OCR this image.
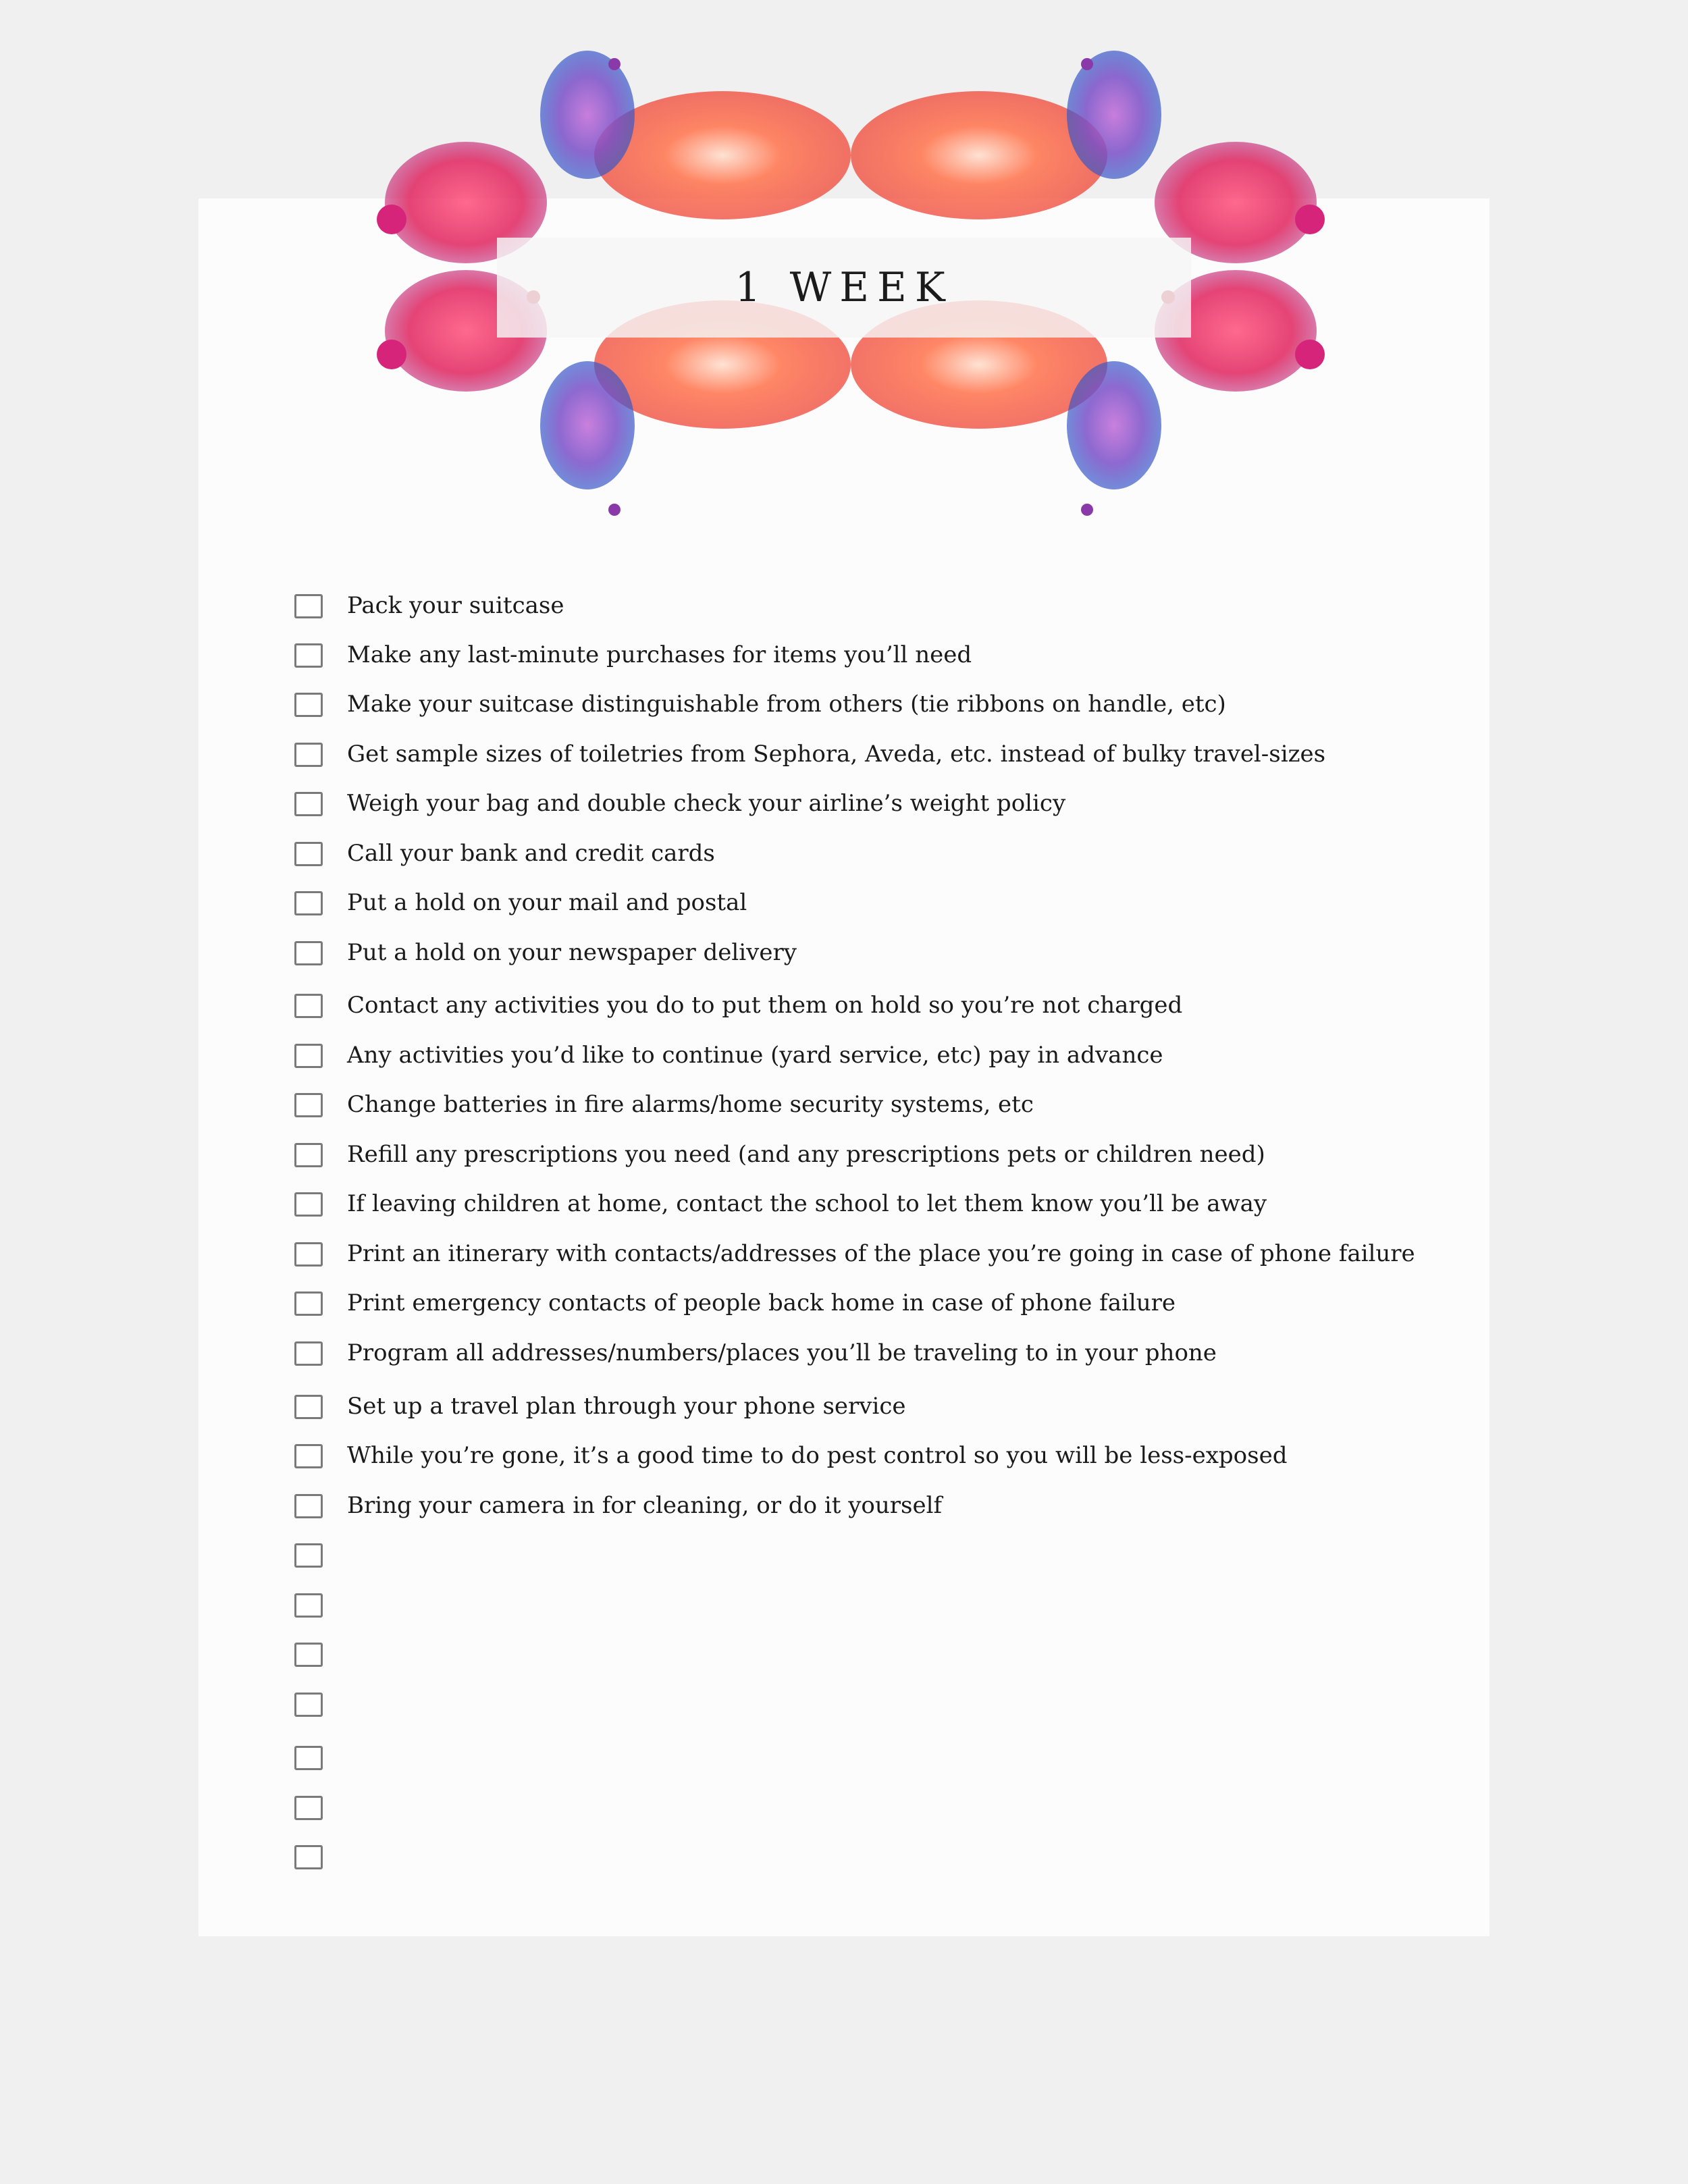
1 WEEK
Pack your suitcase
Make any last-minute purchases for items you’ll need
Make your suitcase distinguishable from others (tie ribbons on handle, etc)
Get sample sizes of toiletries from Sephora, Aveda, etc. instead of bulky travel-sizes
Weigh your bag and double check your airline’s weight policy
Call your bank and credit cards
Put a hold on your mail and postal
Put a hold on your newspaper delivery
Contact any activities you do to put them on hold so you’re not charged
Any activities you’d like to continue (yard service, etc) pay in advance
Change batteries in fire alarms/home security systems, etc
Refill any prescriptions you need (and any prescriptions pets or children need)
If leaving children at home, contact the school to let them know you’ll be away
Print an itinerary with contacts/addresses of the place you’re going in case of phone failure
Print emergency contacts of people back home in case of phone failure
Program all addresses/numbers/places you’ll be traveling to in your phone
Set up a travel plan through your phone service
While you’re gone, it’s a good time to do pest control so you will be less-exposed
Bring your camera in for cleaning, or do it yourself
